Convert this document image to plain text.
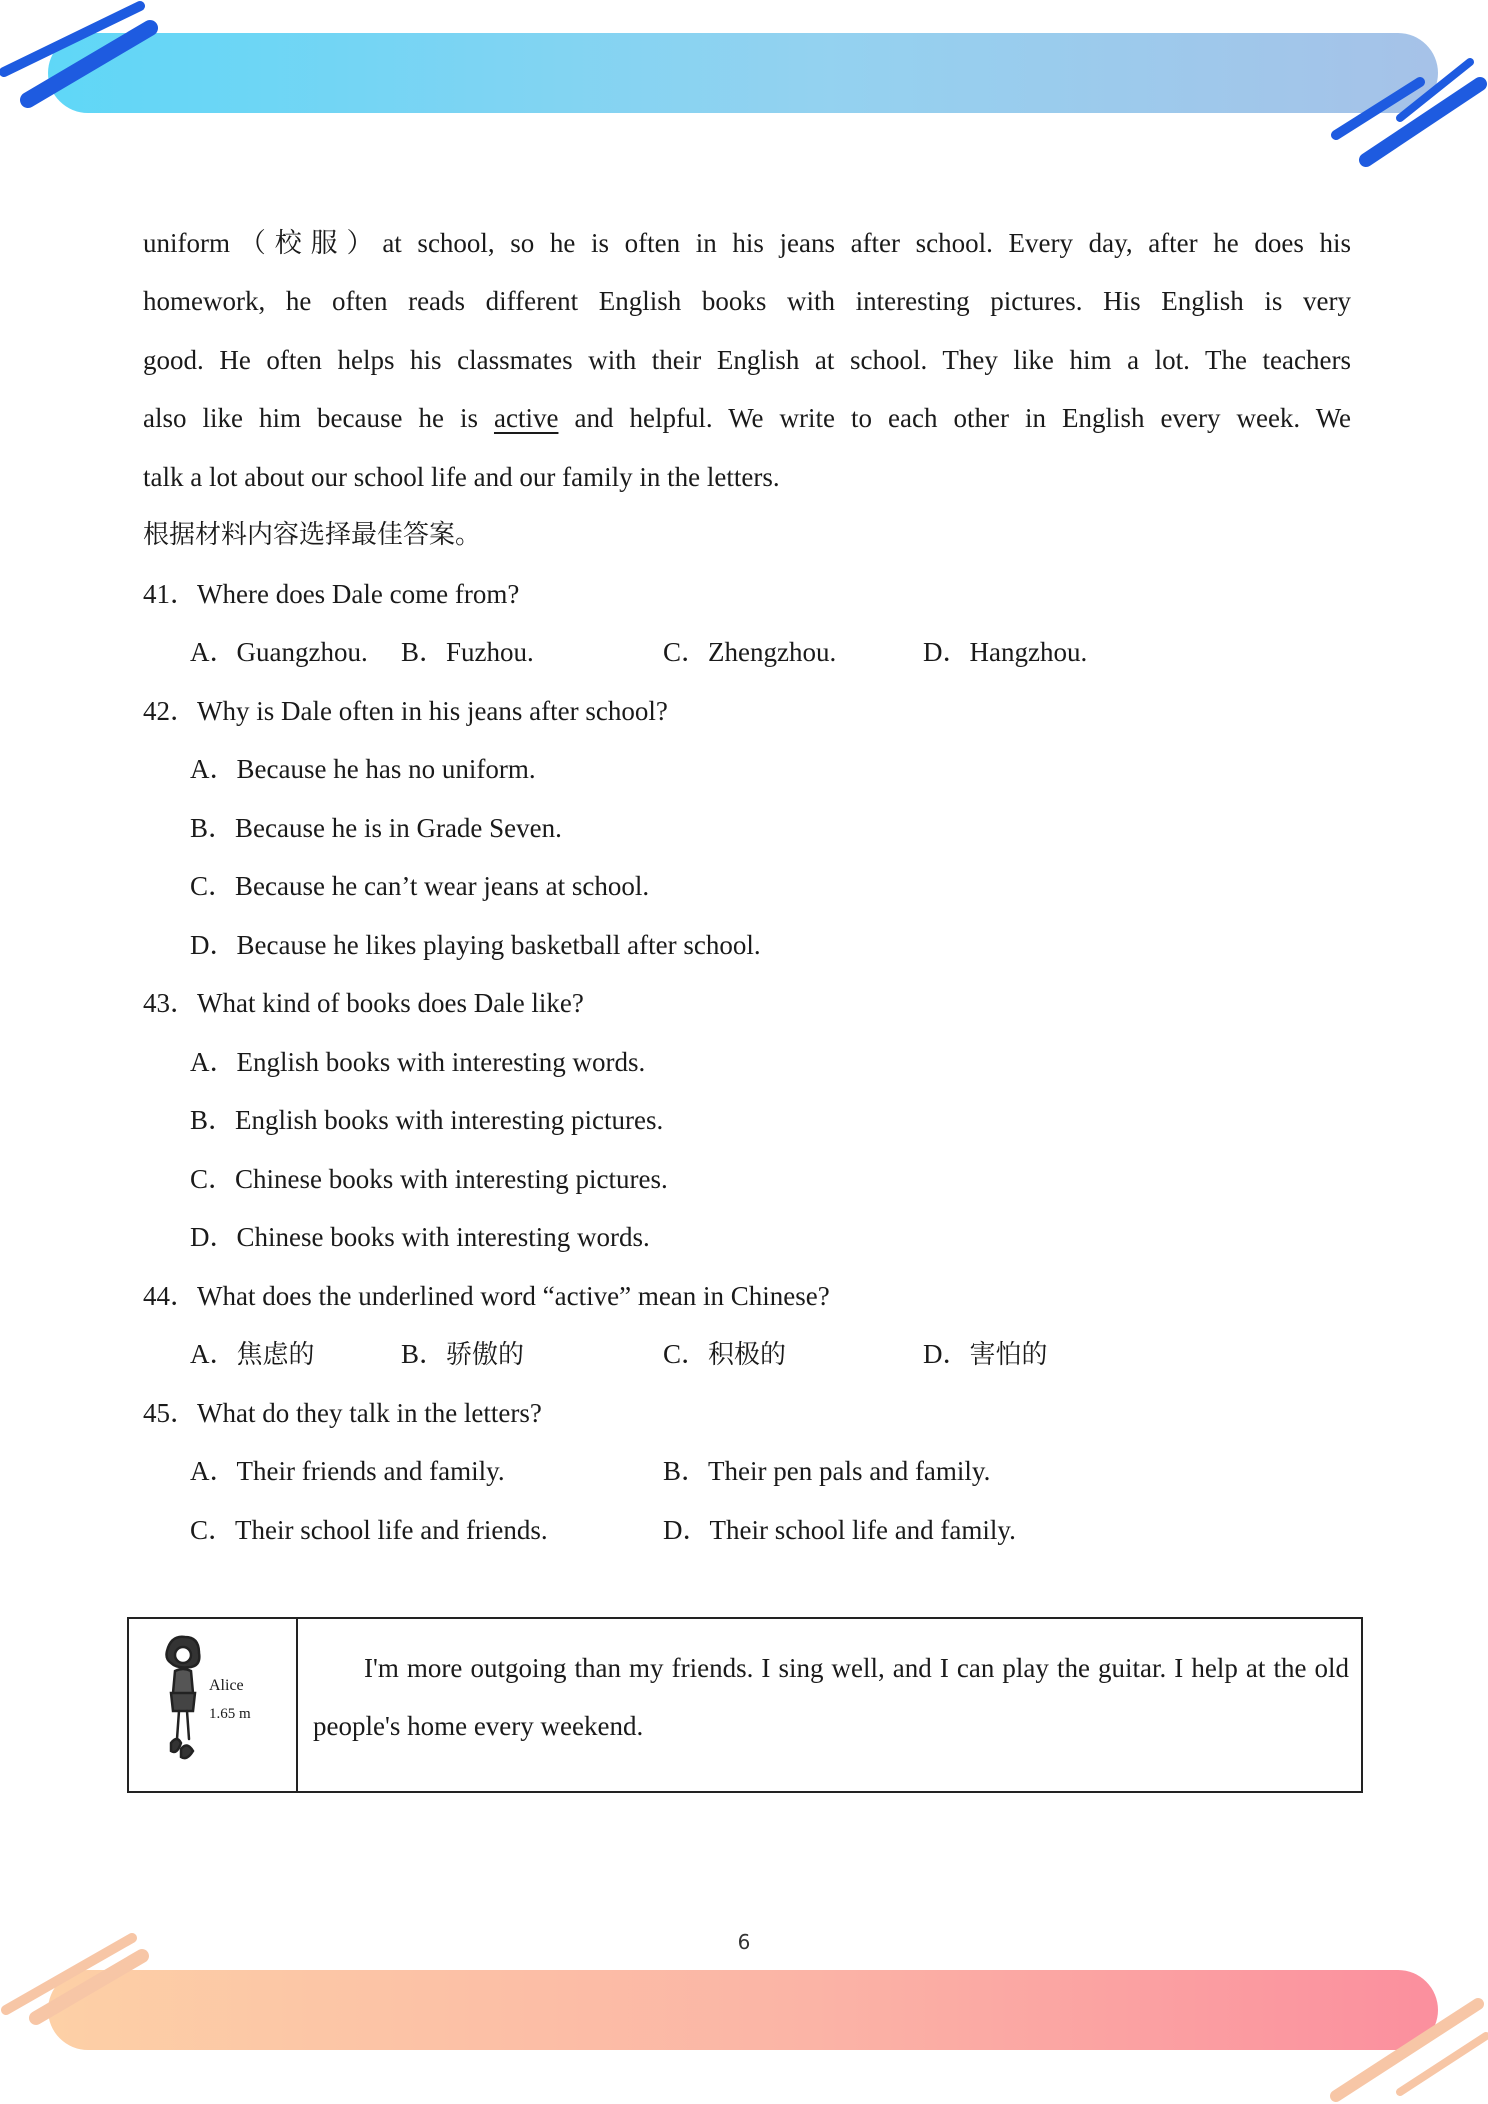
uniform（校服）at school, so he is often in his jeans after school. Every day, after he does his
homework, he often reads different English books with interesting pictures. His English is very
good. He often helps his classmates with their English at school. They like him a lot. The teachers
also like him because he is active and helpful. We write to each other in English every week. We
talk a lot about our school life and our family in the letters.
根据材料内容选择最佳答案。
41．Where does Dale come from?
A．Guangzhou. B．Fuzhou.	C．Zhengzhou.	D．Hangzhou.
42．Why is Dale often in his jeans after school?
A．Because he has no uniform.
B．Because he is in Grade Seven.
C．Because he can’t wear jeans at school.
D．Because he likes playing basketball after school.
43．What kind of books does Dale like?
A．English books with interesting words.
B．English books with interesting pictures.
C．Chinese books with interesting pictures.
D．Chinese books with interesting words.
44．What does the underlined word “active” mean in Chinese?
A．焦虑的	B．骄傲的	C．积极的	D．害怕的
45．What do they talk in the letters?
A．Their friends and family.	B．Their pen pals and family.
C．Their school life and friends.	D．Their school life and family.
Alice
1.65 m
I'm more outgoing than my friends. I sing well, and I can play the guitar. I help at the old people's home every weekend.
6
